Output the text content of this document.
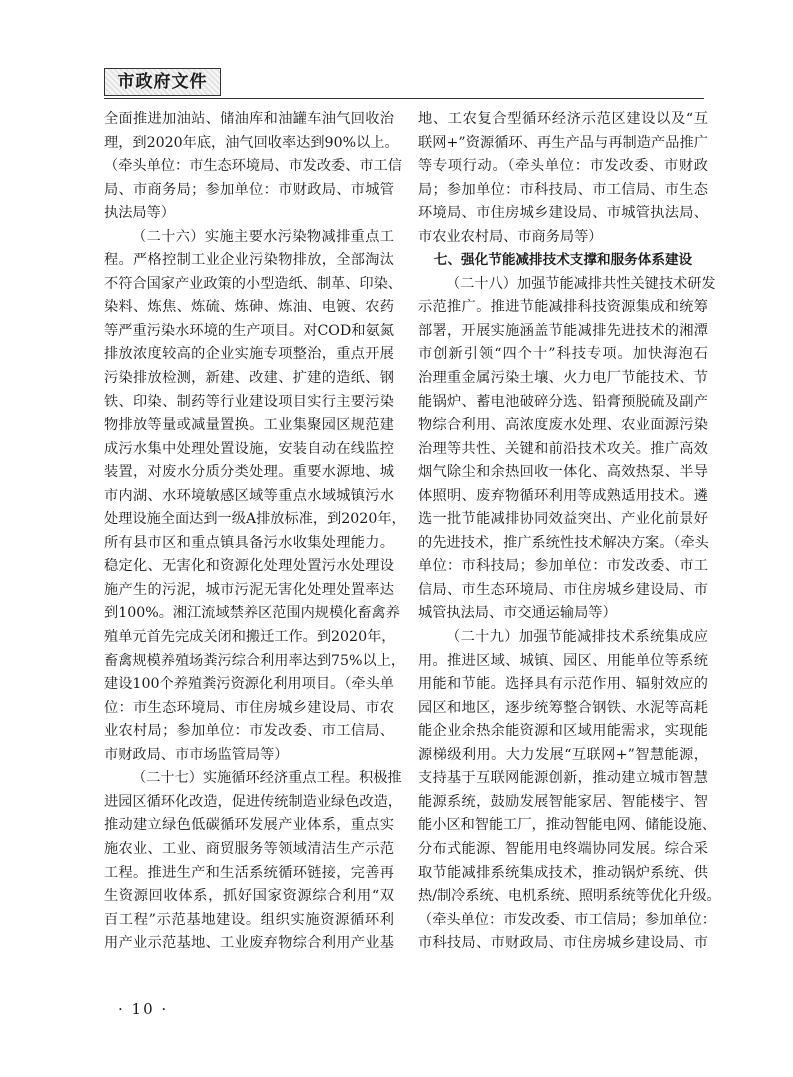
市政府文件
全面推进加油站、储油库和油罐车油气回收治
理，到2020年底，油气回收率达到90%以上。
（牵头单位：市生态环境局、市发改委、市工信
局、市商务局；参加单位：市财政局、市城管
执法局等）
（二十六）实施主要水污染物减排重点工
程。严格控制工业企业污染物排放，全部淘汰
不符合国家产业政策的小型造纸、制革、印染、
染料、炼焦、炼硫、炼砷、炼油、电镀、农药
等严重污染水环境的生产项目。对COD和氨氮
排放浓度较高的企业实施专项整治，重点开展
污染排放检测，新建、改建、扩建的造纸、钢
铁、印染、制药等行业建设项目实行主要污染
物排放等量或减量置换。工业集聚园区规范建
成污水集中处理处置设施，安装自动在线监控
装置，对废水分质分类处理。重要水源地、城
市内湖、水环境敏感区域等重点水域城镇污水
处理设施全面达到一级A排放标准，到2020年，
所有县市区和重点镇具备污水收集处理能力。
稳定化、无害化和资源化处理处置污水处理设
施产生的污泥，城市污泥无害化处理处置率达
到100%。湘江流域禁养区范围内规模化畜禽养
殖单元首先完成关闭和搬迁工作。到2020年，
畜禽规模养殖场粪污综合利用率达到75%以上，
建设100个养殖粪污资源化利用项目。（牵头单
位：市生态环境局、市住房城乡建设局、市农
业农村局；参加单位：市发改委、市工信局、
市财政局、市市场监管局等）
（二十七）实施循环经济重点工程。积极推
进园区循环化改造，促进传统制造业绿色改造，
推动建立绿色低碳循环发展产业体系，重点实
施农业、工业、商贸服务等领域清洁生产示范
工程。推进生产和生活系统循环链接，完善再
生资源回收体系，抓好国家资源综合利用“双
百工程”示范基地建设。组织实施资源循环利
用产业示范基地、工业废弃物综合利用产业基
地、工农复合型循环经济示范区建设以及“互
联网+”资源循环、再生产品与再制造产品推广
等专项行动。（牵头单位：市发改委、市财政
局；参加单位：市科技局、市工信局、市生态
环境局、市住房城乡建设局、市城管执法局、
市农业农村局、市商务局等）
七、强化节能减排技术支撑和服务体系建设
（二十八）加强节能减排共性关键技术研发
示范推广。推进节能减排科技资源集成和统筹
部署，开展实施涵盖节能减排先进技术的湘潭
市创新引领“四个十”科技专项。加快海泡石
治理重金属污染土壤、火力电厂节能技术、节
能锅炉、蓄电池破碎分选、铅膏预脱硫及副产
物综合利用、高浓度废水处理、农业面源污染
治理等共性、关键和前沿技术攻关。推广高效
烟气除尘和余热回收一体化、高效热泵、半导
体照明、废弃物循环利用等成熟适用技术。遴
选一批节能减排协同效益突出、产业化前景好
的先进技术，推广系统性技术解决方案。（牵头
单位：市科技局；参加单位：市发改委、市工
信局、市生态环境局、市住房城乡建设局、市
城管执法局、市交通运输局等）
（二十九）加强节能减排技术系统集成应
用。推进区域、城镇、园区、用能单位等系统
用能和节能。选择具有示范作用、辐射效应的
园区和地区，逐步统筹整合钢铁、水泥等高耗
能企业余热余能资源和区域用能需求，实现能
源梯级利用。大力发展“互联网+”智慧能源，
支持基于互联网能源创新，推动建立城市智慧
能源系统，鼓励发展智能家居、智能楼宇、智
能小区和智能工厂，推动智能电网、储能设施、
分布式能源、智能用电终端协同发展。综合采
取节能减排系统集成技术，推动锅炉系统、供
热/制冷系统、电机系统、照明系统等优化升级。
（牵头单位：市发改委、市工信局；参加单位：
市科技局、市财政局、市住房城乡建设局、市
· 10 ·
